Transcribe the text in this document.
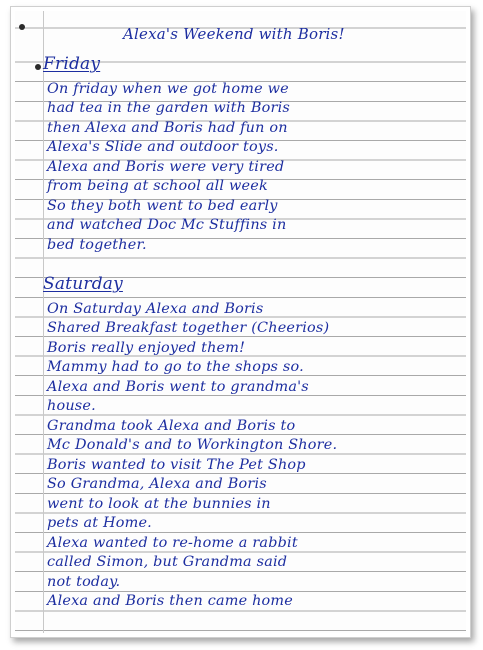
Alexa's Weekend with Boris!
Friday
On friday when we got home we
had tea in the garden with Boris
then Alexa and Boris had fun on
Alexa's Slide and outdoor toys.
Alexa and Boris were very tired
from being at school all week
So they both went to bed early
and watched Doc Mc Stuffins in
bed together.
Saturday
On Saturday Alexa and Boris
Shared Breakfast together (Cheerios)
Boris really enjoyed them!
Mammy had to go to the shops so.
Alexa and Boris went to grandma's
house.
Grandma took Alexa and Boris to
Mc Donald's and to Workington Shore.
Boris wanted to visit The Pet Shop
So Grandma, Alexa and Boris
went to look at the bunnies in
pets at Home.
Alexa wanted to re-home a rabbit
called Simon, but Grandma said
not today.
Alexa and Boris then came home
